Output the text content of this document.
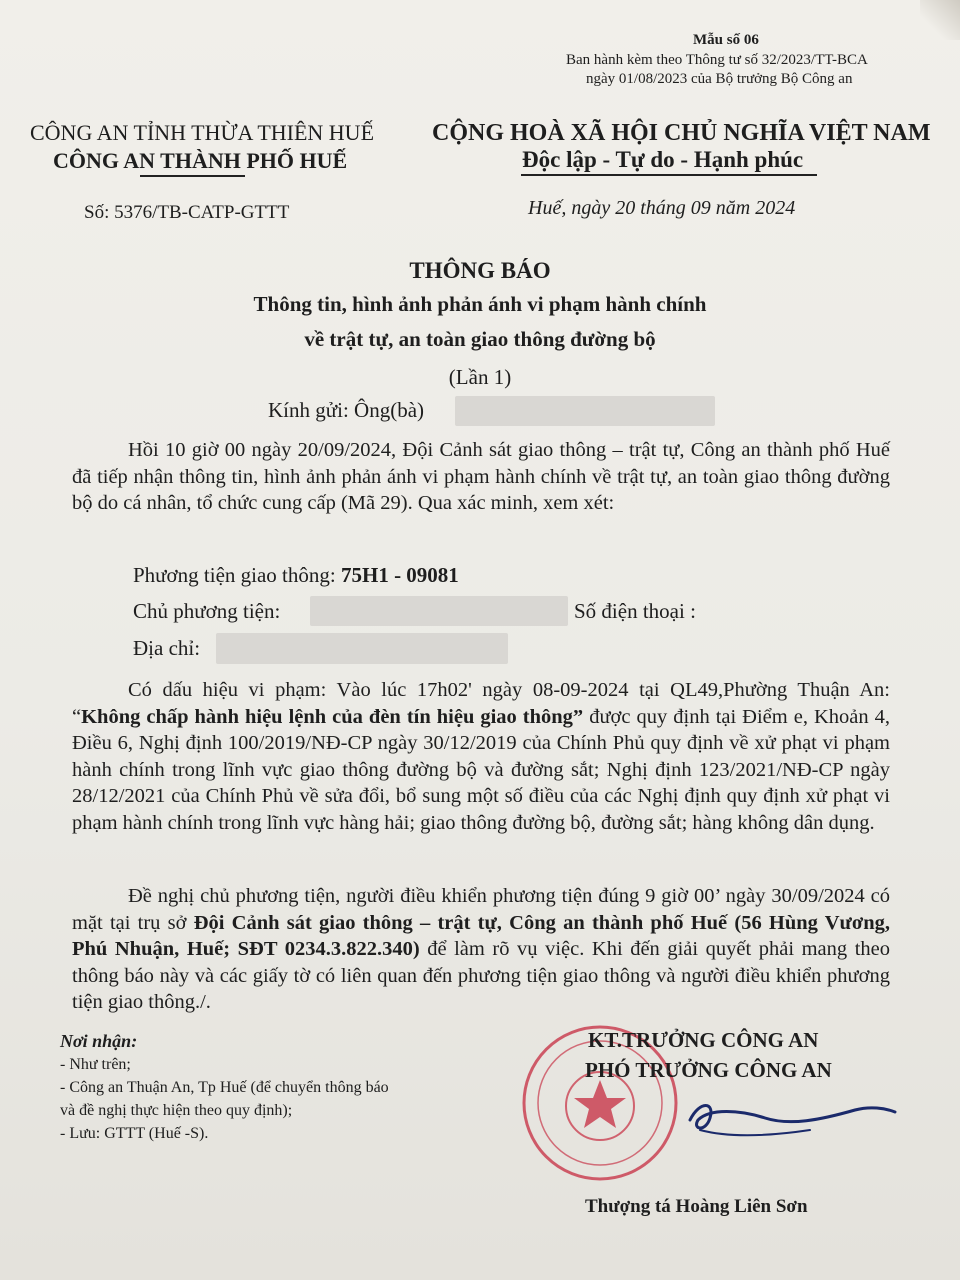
Mẫu số 06
Ban hành kèm theo Thông tư số 32/2023/TT-BCA
ngày 01/08/2023 của Bộ trưởng Bộ Công an
CÔNG AN TỈNH THỪA THIÊN HUẾ
CÔNG AN THÀNH PHỐ HUẾ
CỘNG HOÀ XÃ HỘI CHỦ NGHĨA VIỆT NAM
Độc lập - Tự do - Hạnh phúc
Số: 5376/TB-CATP-GTTT	Huế, ngày 20 tháng 09 năm 2024
THÔNG BÁO
Thông tin, hình ảnh phản ánh vi phạm hành chính
về trật tự, an toàn giao thông đường bộ
(Lần 1)
Kính gửi: Ông(bà)
Hồi 10 giờ 00 ngày 20/09/2024, Đội Cảnh sát giao thông – trật tự, Công an thành phố Huế đã tiếp nhận thông tin, hình ảnh phản ánh vi phạm hành chính về trật tự, an toàn giao thông đường bộ do cá nhân, tổ chức cung cấp (Mã 29). Qua xác minh, xem xét:
Phương tiện giao thông: 75H1 - 09081
Chủ phương tiện:	Số điện thoại :
Địa chỉ:
Có dấu hiệu vi phạm: Vào lúc 17h02' ngày 08-09-2024 tại QL49,Phường Thuận An: “Không chấp hành hiệu lệnh của đèn tín hiệu giao thông” được quy định tại Điểm e, Khoản 4, Điều 6, Nghị định 100/2019/NĐ-CP ngày 30/12/2019 của Chính Phủ quy định về xử phạt vi phạm hành chính trong lĩnh vực giao thông đường bộ và đường sắt; Nghị định 123/2021/NĐ-CP ngày 28/12/2021 của Chính Phủ về sửa đổi, bổ sung một số điều của các Nghị định quy định xử phạt vi phạm hành chính trong lĩnh vực hàng hải; giao thông đường bộ, đường sắt; hàng không dân dụng.
Đề nghị chủ phương tiện, người điều khiển phương tiện đúng 9 giờ 00’ ngày 30/09/2024 có mặt tại trụ sở Đội Cảnh sát giao thông – trật tự, Công an thành phố Huế (56 Hùng Vương, Phú Nhuận, Huế; SĐT 0234.3.822.340) để làm rõ vụ việc. Khi đến giải quyết phải mang theo thông báo này và các giấy tờ có liên quan đến phương tiện giao thông và người điều khiển phương tiện giao thông./.
Nơi nhận:
- Như trên;
- Công an Thuận An, Tp Huế (để chuyển thông báo
và đề nghị thực hiện theo quy định);
- Lưu: GTTT (Huế -S).
KT.TRƯỞNG CÔNG AN
PHÓ TRƯỞNG CÔNG AN
Thượng tá Hoàng Liên Sơn
